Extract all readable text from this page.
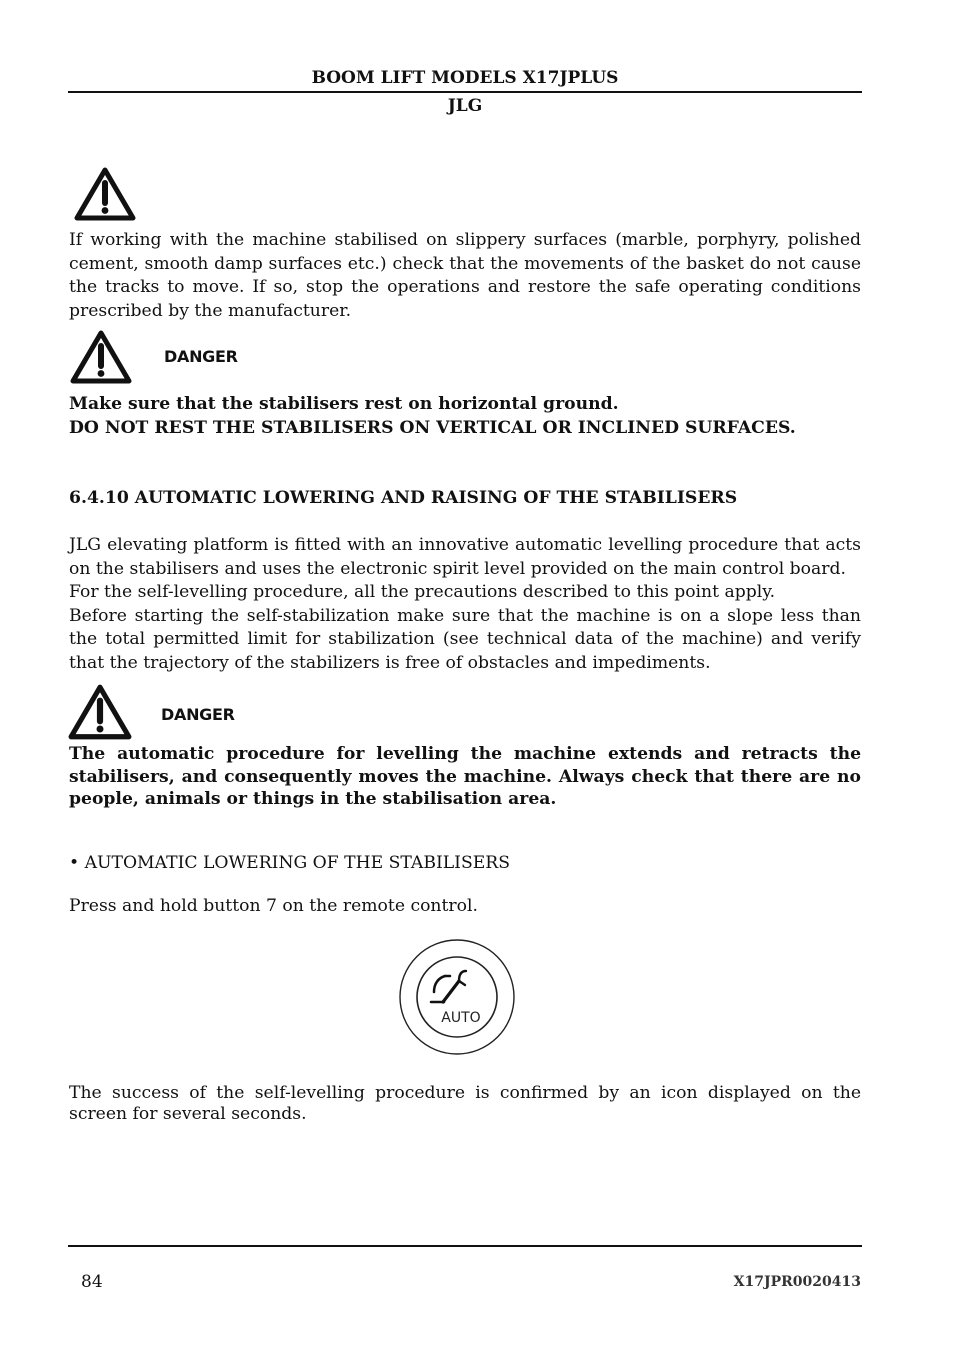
BOOM LIFT MODELS X17JPLUS
JLG

If working with the machine stabilised on slippery surfaces (marble, porphyry, polished cement, smooth damp surfaces etc.) check that the movements of the basket do not cause the tracks to move. If so, stop the operations and restore the safe operating conditions prescribed by the manufacturer.

DANGER

Make sure that the stabilisers rest on horizontal ground.

DO NOT REST THE STABILISERS ON VERTICAL OR INCLINED SURFACES.

6.4.10 AUTOMATIC LOWERING AND RAISING OF THE STABILISERS

JLG elevating platform is fitted with an innovative automatic levelling procedure that acts on the stabilisers and uses the electronic spirit level provided on the main control board.

For the self-levelling procedure, all the precautions described to this point apply.

Before starting the self-stabilization make sure that the machine is on a slope less than the total permitted limit for stabilization (see technical data of the machine) and verify that the trajectory of the stabilizers is free of obstacles and impediments.

DANGER

The automatic procedure for levelling the machine extends and retracts the stabilisers, and consequently moves the machine. Always check that there are no people, animals or things in the stabilisation area.

• AUTOMATIC LOWERING OF THE STABILISERS
Press and hold button 7 on the remote control.
AUTO

The success of the self-levelling procedure is confirmed by an icon displayed on the screen for several seconds.

84	X17JPR0020413
